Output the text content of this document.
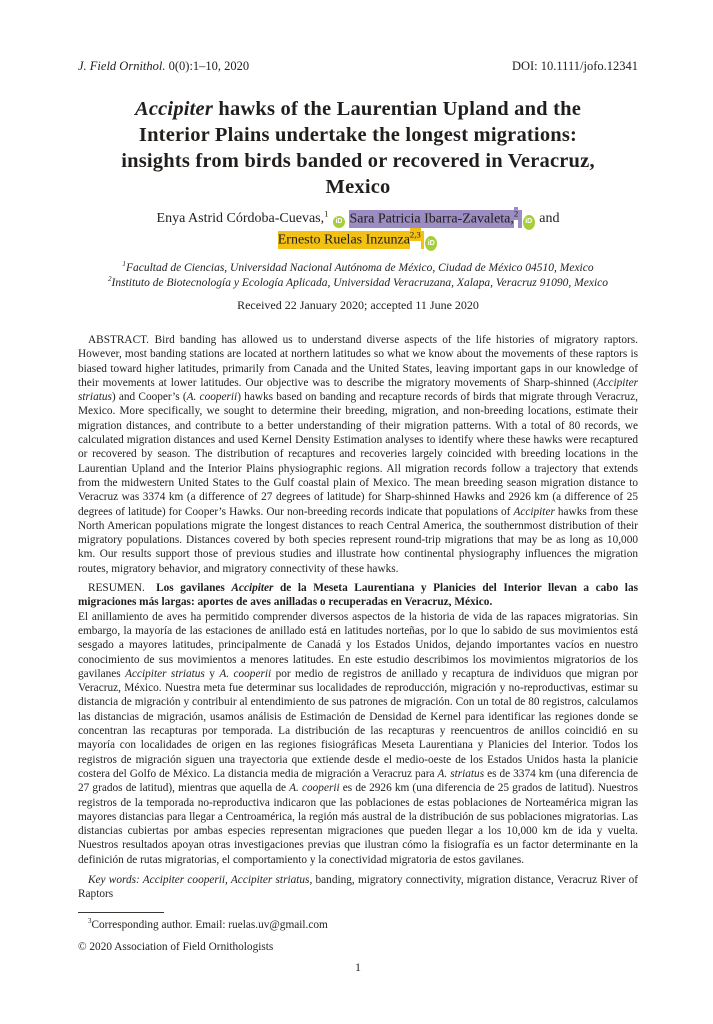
J. Field Ornithol. 0(0):1–10, 2020	DOI: 10.1111/jofo.12341
Accipiter hawks of the Laurentian Upland and the
Interior Plains undertake the longest migrations:
insights from birds banded or recovered in Veracruz,
Mexico
Enya Astrid Córdoba-Cuevas,$^1$ iD Sara Patricia Ibarra-Zavaleta,$^2$ iD and
Ernesto Ruelas Inzunza$^{2,3}$ iD
$^1$Facultad de Ciencias, Universidad Nacional Autónoma de México, Ciudad de México 04510, Mexico
$^2$Instituto de Biotecnología y Ecología Aplicada, Universidad Veracruzana, Xalapa, Veracruz 91090, Mexico
Received 22 January 2020; accepted 11 June 2020

ABSTRACT. Bird banding has allowed us to understand diverse aspects of the life histories of migratory raptors. However, most banding stations are located at northern latitudes so what we know about the movements of these raptors is biased toward higher latitudes, primarily from Canada and the United States, leaving important gaps in our knowledge of their movements at lower latitudes. Our objective was to describe the migratory movements of Sharp-shinned (Accipiter striatus) and Cooper’s (A. cooperii) hawks based on banding and recapture records of birds that migrate through Veracruz, Mexico. More specifically, we sought to determine their breeding, migration, and non-breeding locations, estimate their migration distances, and contribute to a better understanding of their migration patterns. With a total of 80 records, we calculated migration distances and used Kernel Density Estimation analyses to identify where these hawks were recaptured or recovered by season. The distribution of recaptures and recoveries largely coincided with breeding locations in the Laurentian Upland and the Interior Plains physiographic regions. All migration records follow a trajectory that extends from the midwestern United States to the Gulf coastal plain of Mexico. The mean breeding season migration distance to Veracruz was 3374 km (a difference of 27 degrees of latitude) for Sharp-shinned Hawks and 2926 km (a difference of 25 degrees of latitude) for Cooper’s Hawks. Our non-breeding records indicate that populations of Accipiter hawks from these North American populations migrate the longest distances to reach Central America, the southernmost distribution of their migratory populations. Distances covered by both species represent round-trip migrations that may be as long as 10,000 km. Our results support those of previous studies and illustrate how continental physiography influences the migration routes, migratory behavior, and migratory connectivity of these hawks.

RESUMEN. Los gavilanes Accipiter de la Meseta Laurentiana y Planicies del Interior llevan a cabo las migraciones más largas: aportes de aves anilladas o recuperadas en Veracruz, México.

El anillamiento de aves ha permitido comprender diversos aspectos de la historia de vida de las rapaces migratorias. Sin embargo, la mayoría de las estaciones de anillado está en latitudes norteñas, por lo que lo sabido de sus movimientos está sesgado a mayores latitudes, principalmente de Canadá y los Estados Unidos, dejando importantes vacíos en nuestro conocimiento de sus movimientos a menores latitudes. En este estudio describimos los movimientos migratorios de los gavilanes Accipiter striatus y A. cooperii por medio de registros de anillado y recaptura de individuos que migran por Veracruz, México. Nuestra meta fue determinar sus localidades de reproducción, migración y no-reproductivas, estimar su distancia de migración y contribuir al entendimiento de sus patrones de migración. Con un total de 80 registros, calculamos las distancias de migración, usamos análisis de Estimación de Densidad de Kernel para identificar las regiones donde se concentran las recapturas por temporada. La distribución de las recapturas y reencuentros de anillos coincidió en su mayoría con localidades de origen en las regiones fisiográficas Meseta Laurentiana y Planicies del Interior. Todos los registros de migración siguen una trayectoria que extiende desde el medio-oeste de los Estados Unidos hasta la planicie costera del Golfo de México. La distancia media de migración a Veracruz para A. striatus es de 3374 km (una diferencia de 27 grados de latitud), mientras que aquella de A. cooperii es de 2926 km (una diferencia de 25 grados de latitud). Nuestros registros de la temporada no-reproductiva indicaron que las poblaciones de estas poblaciones de Norteamérica migran las mayores distancias para llegar a Centroamérica, la región más austral de la distribución de sus poblaciones migratorias. Las distancias cubiertas por ambas especies representan migraciones que pueden llegar a los 10,000 km de ida y vuelta. Nuestros resultados apoyan otras investigaciones previas que ilustran cómo la fisiografía es un factor determinante en la definición de rutas migratorias, el comportamiento y la conectividad migratoria de estos gavilanes.

Key words: Accipiter cooperii, Accipiter striatus, banding, migratory connectivity, migration distance, Veracruz River of Raptors

$^3$Corresponding author. Email: ruelas.uv@gmail.com

© 2020 Association of Field Ornithologists

1
